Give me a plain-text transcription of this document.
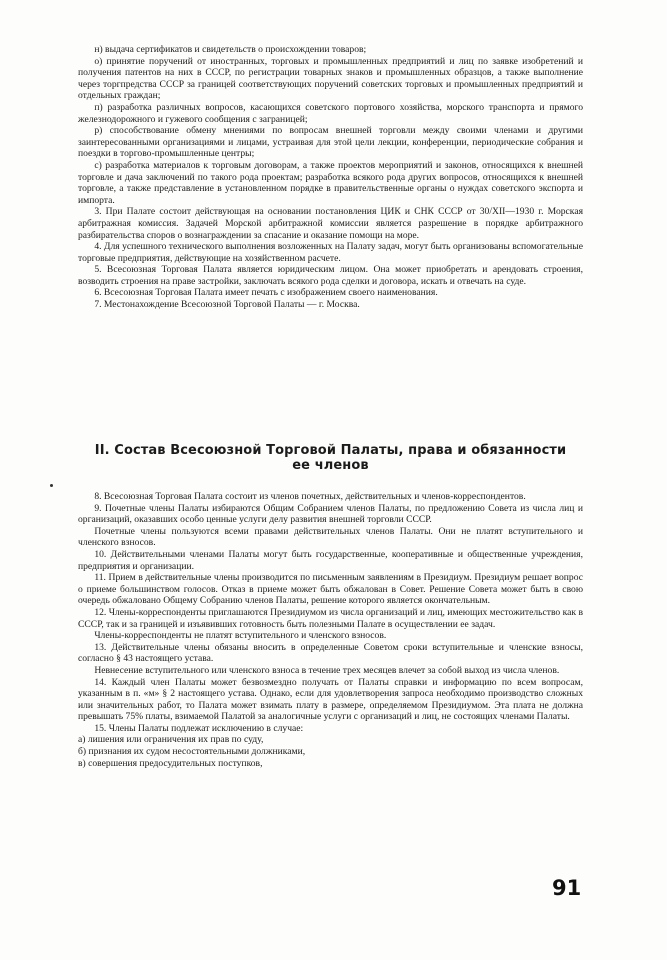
н) выдача сертификатов и свидетельств о происхождении товаров;

о) принятие поручений от иностранных, торговых и промышленных предприятий и лиц по заявке изобретений и получения патентов на них в СССР, по регистрации товарных знаков и промышленных образцов, а также выполнение через торгпредства СССР за границей соответствующих поручений советских торговых и промышленных предприятий и отдельных граждан;

п) разработка различных вопросов, касающихся советского портового хозяйства, морского транспорта и прямого железнодорожного и гужевого сообщения с заграницей;

р) способствование обмену мнениями по вопросам внешней торговли между своими членами и другими заинтересованными организациями и лицами, устраивая для этой цели лекции, конференции, периодические собрания и поездки в торгово-промышленные центры;

с) разработка материалов к торговым договорам, а также проектов мероприятий и законов, относящихся к внешней торговле и дача заключений по такого рода проектам; разработка всякого рода других вопросов, относящихся к внешней торговле, а также представление в установленном порядке в правительственные органы о нуждах советского экспорта и импорта.

3. При Палате состоит действующая на основании постановления ЦИК и СНК СССР от 30/XII—1930 г. Морская арбитражная комиссия. Задачей Морской арбитражной комиссии является разрешение в порядке арбитражного разбирательства споров о вознаграждении за спасание и оказание помощи на море.

4. Для успешного технического выполнения возложенных на Палату задач, могут быть организованы вспомогательные торговые предприятия, действующие на хозяйственном расчете.

5. Всесоюзная Торговая Палата является юридическим лицом. Она может приобретать и арендовать строения, возводить строения на праве застройки, заключать всякого рода сделки и договора, искать и отвечать на суде.

6. Всесоюзная Торговая Палата имеет печать с изображением своего наименования.

7. Местонахождение Всесоюзной Торговой Палаты — г. Москва.

II. Состав Всесоюзной Торговой Палаты, права и обязанности
ее членов

8. Всесоюзная Торговая Палата состоит из членов почетных, действительных и членов-корреспондентов.

9. Почетные члены Палаты избираются Общим Собранием членов Палаты, по предложению Совета из числа лиц и организаций, оказавших особо ценные услуги делу развития внешней торговли СССР.

Почетные члены пользуются всеми правами действительных членов Палаты. Они не платят вступительного и членского взносов.

10. Действительными членами Палаты могут быть государственные, кооперативные и общественные учреждения, предприятия и организации.

11. Прием в действительные члены производится по письменным заявлениям в Президиум. Президиум решает вопрос о приеме большинством голосов. Отказ в приеме может быть обжалован в Совет. Решение Совета может быть в свою очередь обжаловано Общему Собранию членов Палаты, решение которого является окончательным.

12. Члены-корреспонденты приглашаются Президиумом из числа организаций и лиц, имеющих местожительство как в СССР, так и за границей и изъявивших готовность быть полезными Палате в осуществлении ее задач.

Члены-корреспонденты не платят вступительного и членского взносов.

13. Действительные члены обязаны вносить в определенные Советом сроки вступительные и членские взносы, согласно § 43 настоящего устава.

Невнесение вступительного или членского взноса в течение трех месяцев влечет за собой выход из числа членов.

14. Каждый член Палаты может безвозмездно получать от Палаты справки и информацию по всем вопросам, указанным в п. «м» § 2 настоящего устава. Однако, если для удовлетворения запроса необходимо производство сложных или значительных работ, то Палата может взимать плату в размере, определяемом Президиумом. Эта плата не должна превышать 75% платы, взимаемой Палатой за аналогичные услуги с организаций и лиц, не состоящих членами Палаты.

15. Члены Палаты подлежат исключению в случае:

а) лишения или ограничения их прав по суду,

б) признания их судом несостоятельными должниками,

в) совершения предосудительных поступков,

91
